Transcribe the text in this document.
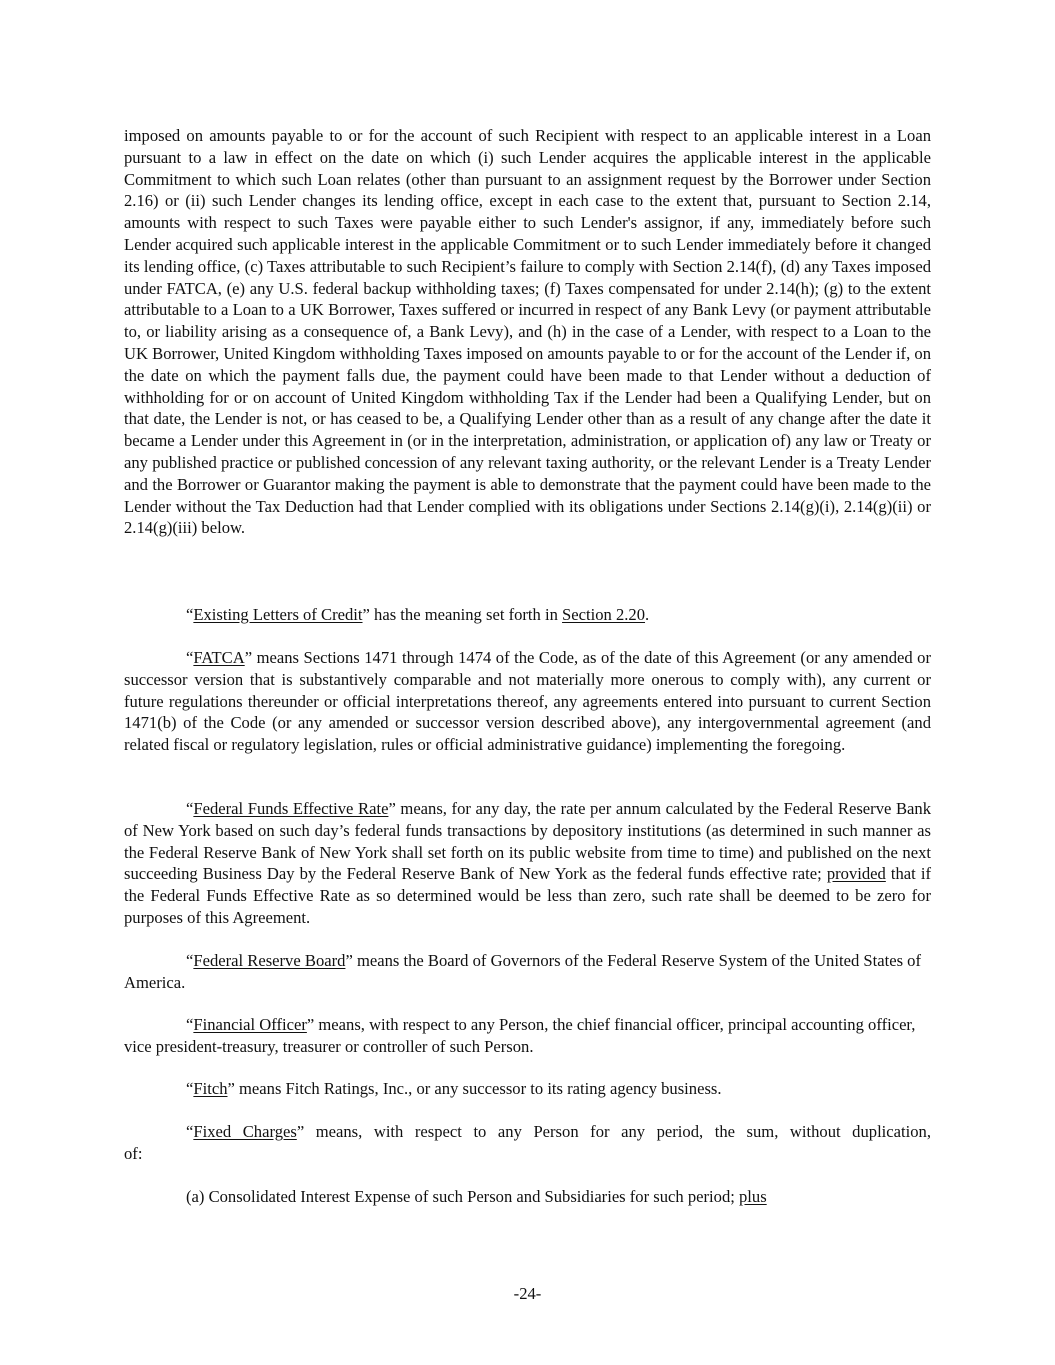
imposed on amounts payable to or for the account of such Recipient with respect to an applicable interest in a Loan pursuant to a law in effect on the date on which (i) such Lender acquires the applicable interest in the applicable Commitment to which such Loan relates (other than pursuant to an assignment request by the Borrower under Section 2.16) or (ii) such Lender changes its lending office, except in each case to the extent that, pursuant to Section 2.14, amounts with respect to such Taxes were payable either to such Lender's assignor, if any, immediately before such Lender acquired such applicable interest in the applicable Commitment or to such Lender immediately before it changed its lending office, (c) Taxes attributable to such Recipient’s failure to comply with Section 2.14(f), (d) any Taxes imposed under FATCA, (e) any U.S. federal backup withholding taxes; (f) Taxes compensated for under 2.14(h); (g) to the extent attributable to a Loan to a UK Borrower, Taxes suffered or incurred in respect of any Bank Levy (or payment attributable to, or liability arising as a consequence of, a Bank Levy), and (h) in the case of a Lender, with respect to a Loan to the UK Borrower, United Kingdom withholding Taxes imposed on amounts payable to or for the account of the Lender if, on the date on which the payment falls due, the payment could have been made to that Lender without a deduction of withholding for or on account of United Kingdom withholding Tax if the Lender had been a Qualifying Lender, but on that date, the Lender is not, or has ceased to be, a Qualifying Lender other than as a result of any change after the date it became a Lender under this Agreement in (or in the interpretation, administration, or application of) any law or Treaty or any published practice or published concession of any relevant taxing authority, or the relevant Lender is a Treaty Lender and the Borrower or Guarantor making the payment is able to demonstrate that the payment could have been made to the Lender without the Tax Deduction had that Lender complied with its obligations under Sections 2.14(g)(i), 2.14(g)(ii) or 2.14(g)(iii) below.

“Existing Letters of Credit” has the meaning set forth in Section 2.20.

“FATCA” means Sections 1471 through 1474 of the Code, as of the date of this Agreement (or any amended or successor version that is substantively comparable and not materially more onerous to comply with), any current or future regulations thereunder or official interpretations thereof, any agreements entered into pursuant to current Section 1471(b) of the Code (or any amended or successor version described above), any intergovernmental agreement (and related fiscal or regulatory legislation, rules or official administrative guidance) implementing the foregoing.

“Federal Funds Effective Rate” means, for any day, the rate per annum calculated by the Federal Reserve Bank of New York based on such day’s federal funds transactions by depository institutions (as determined in such manner as the Federal Reserve Bank of New York shall set forth on its public website from time to time) and published on the next succeeding Business Day by the Federal Reserve Bank of New York as the federal funds effective rate; provided that if the Federal Funds Effective Rate as so determined would be less than zero, such rate shall be deemed to be zero for purposes of this Agreement.

“Federal Reserve Board” means the Board of Governors of the Federal Reserve System of the United States of America.

“Financial Officer” means, with respect to any Person, the chief financial officer, principal accounting officer, vice president-treasury, treasurer or controller of such Person.

“Fitch” means Fitch Ratings, Inc., or any successor to its rating agency business.

“Fixed Charges” means, with respect to any Person for any period, the sum, without duplication,

of:

(a) Consolidated Interest Expense of such Person and Subsidiaries for such period; plus

-24-
